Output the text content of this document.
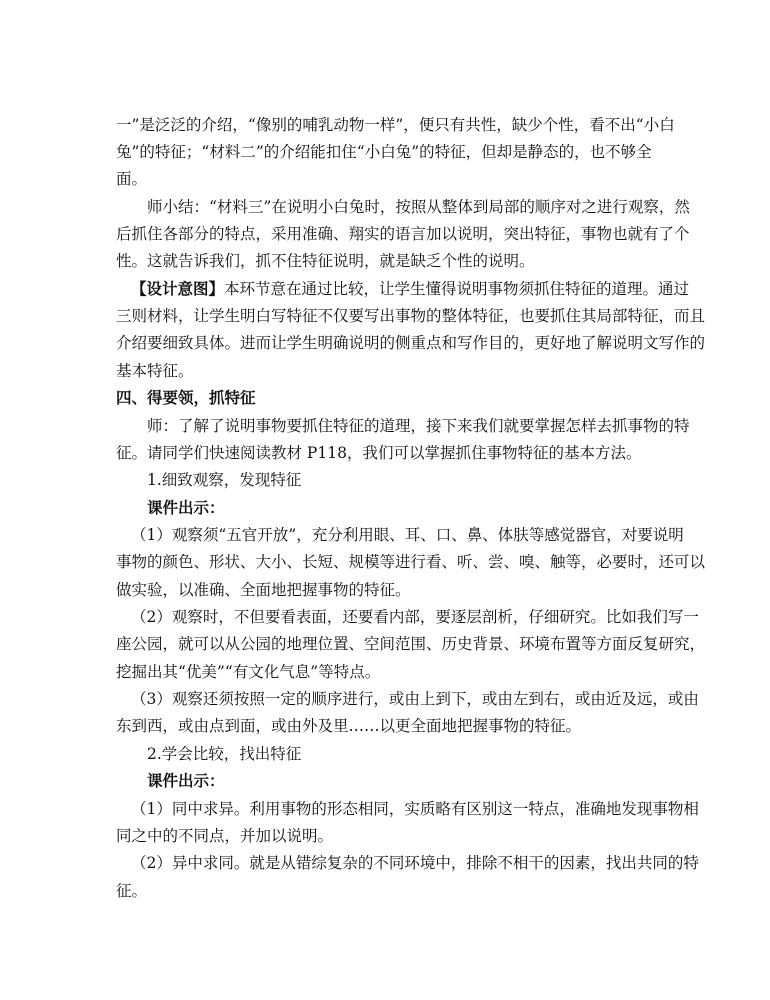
一”是泛泛的介绍，“像别的哺乳动物一样”，便只有共性，缺少个性，看不出“小白
兔”的特征；“材料二”的介绍能扣住“小白兔”的特征，但却是静态的，也不够全
面。
师小结：“材料三”在说明小白兔时，按照从整体到局部的顺序对之进行观察，然
后抓住各部分的特点，采用准确、翔实的语言加以说明，突出特征，事物也就有了个
性。这就告诉我们，抓不住特征说明，就是缺乏个性的说明。
【设计意图】本环节意在通过比较，让学生懂得说明事物须抓住特征的道理。通过
三则材料，让学生明白写特征不仅要写出事物的整体特征，也要抓住其局部特征，而且
介绍要细致具体。进而让学生明确说明的侧重点和写作目的，更好地了解说明文写作的
基本特征。
四、得要领，抓特征
师：了解了说明事物要抓住特征的道理，接下来我们就要掌握怎样去抓事物的特
征。请同学们快速阅读教材 P118，我们可以掌握抓住事物特征的基本方法。
1.细致观察，发现特征
课件出示：
（1）观察须“五官开放”，充分利用眼、耳、口、鼻、体肤等感觉器官，对要说明
事物的颜色、形状、大小、长短、规模等进行看、听、尝、嗅、触等，必要时，还可以
做实验，以准确、全面地把握事物的特征。
（2）观察时，不但要看表面，还要看内部，要逐层剖析，仔细研究。比如我们写一
座公园，就可以从公园的地理位置、空间范围、历史背景、环境布置等方面反复研究，
挖掘出其“优美”“有文化气息”等特点。
（3）观察还须按照一定的顺序进行，或由上到下，或由左到右，或由近及远，或由
东到西，或由点到面，或由外及里……以更全面地把握事物的特征。
2.学会比较，找出特征
课件出示：
（1）同中求异。利用事物的形态相同，实质略有区别这一特点，准确地发现事物相
同之中的不同点，并加以说明。
（2）异中求同。就是从错综复杂的不同环境中，排除不相干的因素，找出共同的特
征。
